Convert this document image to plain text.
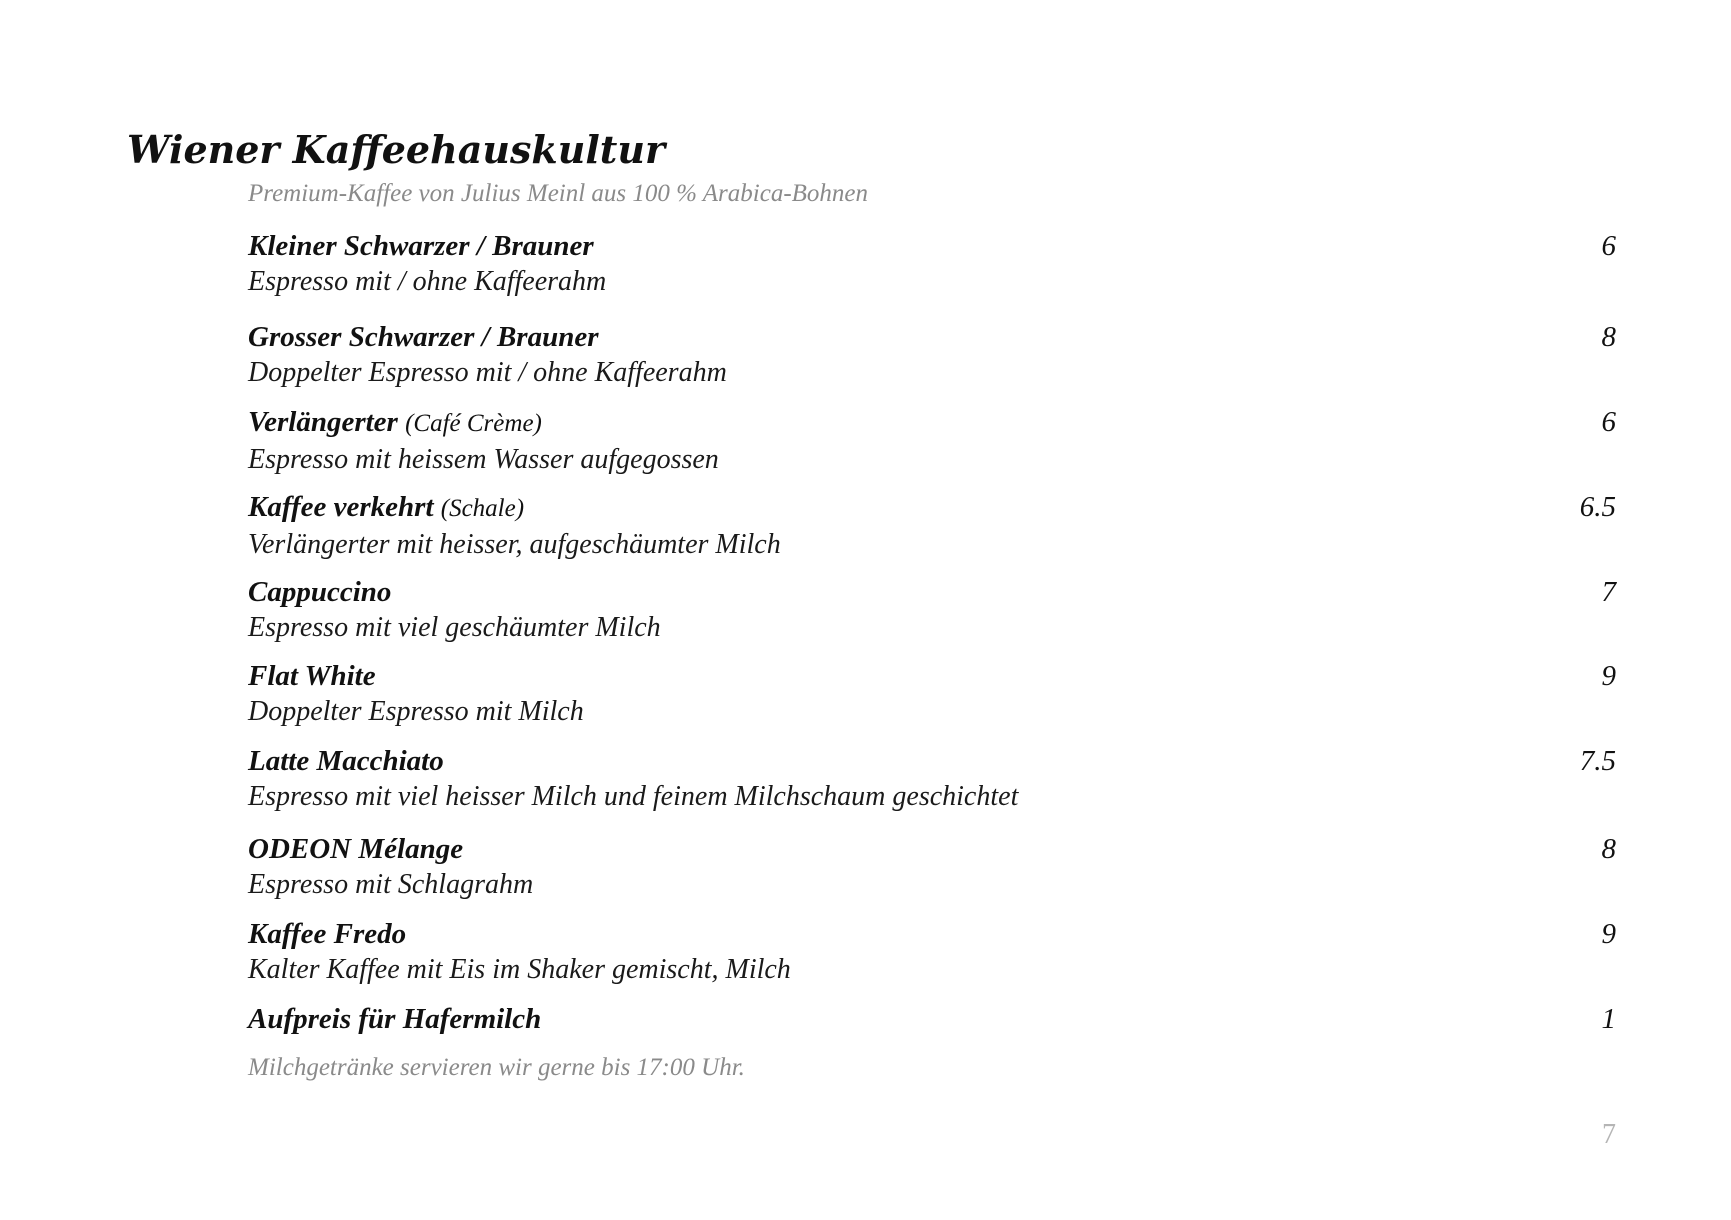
Wiener Kaffeehauskultur
Premium-Kaffee von Julius Meinl aus 100 % Arabica-Bohnen
Kleiner Schwarzer / Brauner
Espresso mit / ohne Kaffeerahm
6
Grosser Schwarzer / Brauner
Doppelter Espresso mit / ohne Kaffeerahm
8
Verlängerter (Café Crème)
Espresso mit heissem Wasser aufgegossen
6
Kaffee verkehrt (Schale)
Verlängerter mit heisser, aufgeschäumter Milch
6.5
Cappuccino
Espresso mit viel geschäumter Milch
7
Flat White
Doppelter Espresso mit Milch
9
Latte Macchiato
Espresso mit viel heisser Milch und feinem Milchschaum geschichtet
7.5
ODEON Mélange
Espresso mit Schlagrahm
8
Kaffee Fredo
Kalter Kaffee mit Eis im Shaker gemischt, Milch
9
Aufpreis für Hafermilch	1
Milchgetränke servieren wir gerne bis 17:00 Uhr.
7
